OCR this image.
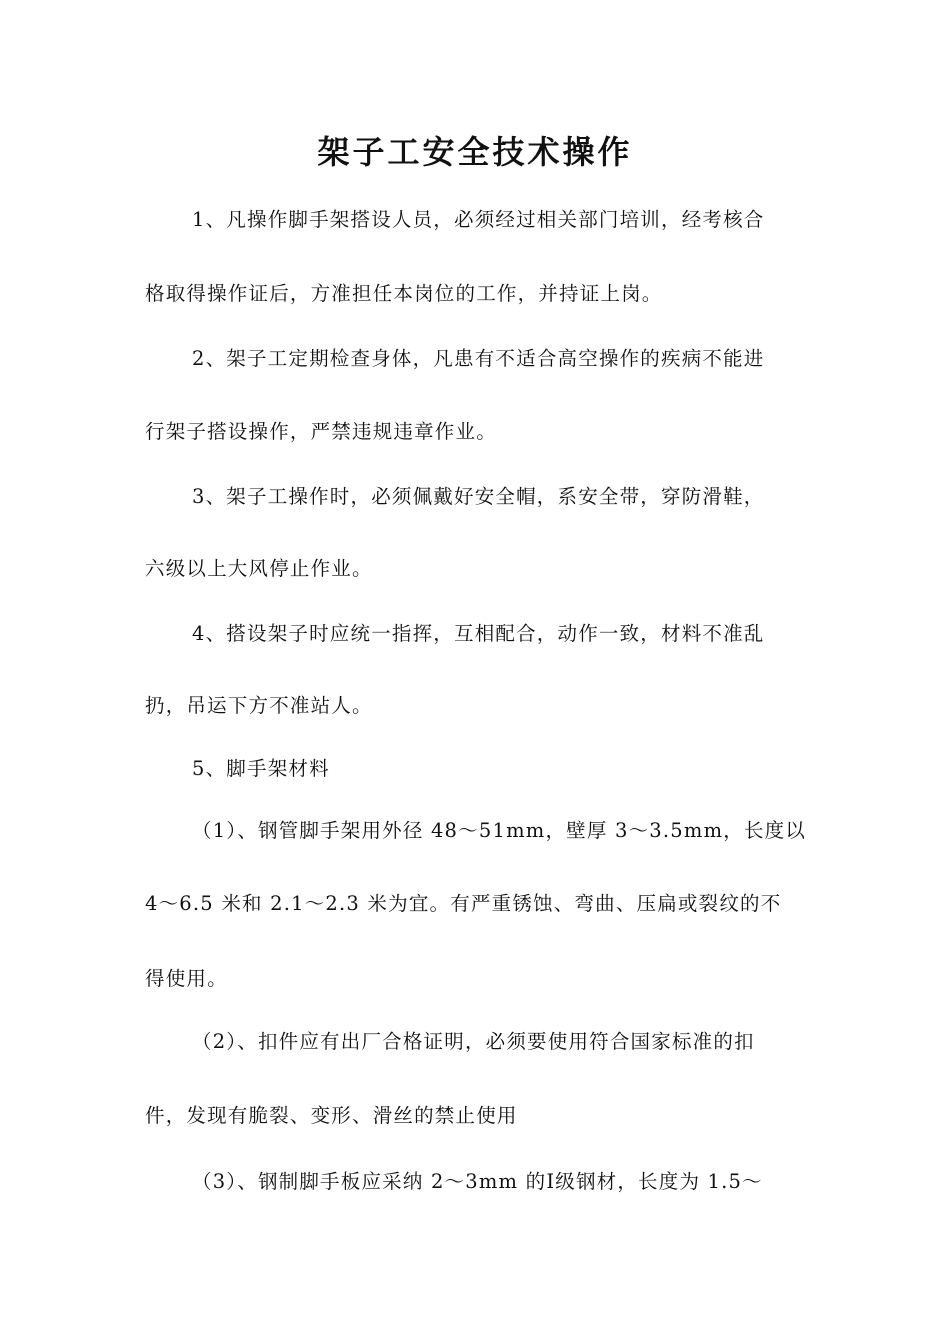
架子工安全技术操作
1、凡操作脚手架搭设人员，必须经过相关部门培训，经考核合
格取得操作证后，方准担任本岗位的工作，并持证上岗。
2、架子工定期检查身体，凡患有不适合高空操作的疾病不能进
行架子搭设操作，严禁违规违章作业。
3、架子工操作时，必须佩戴好安全帽，系安全带，穿防滑鞋，
六级以上大风停止作业。
4、搭设架子时应统一指挥，互相配合，动作一致，材料不准乱
扔，吊运下方不准站人。
5、脚手架材料
（1）、钢管脚手架用外径 48～51mm，壁厚 3～3.5mm，长度以
4～6.5 米和 2.1～2.3 米为宜。有严重锈蚀、弯曲、压扁或裂纹的不
得使用。
（2）、扣件应有出厂合格证明，必须要使用符合国家标准的扣
件，发现有脆裂、变形、滑丝的禁止使用
（3）、钢制脚手板应采纳 2～3mm 的Ⅰ级钢材，长度为 1.5～
